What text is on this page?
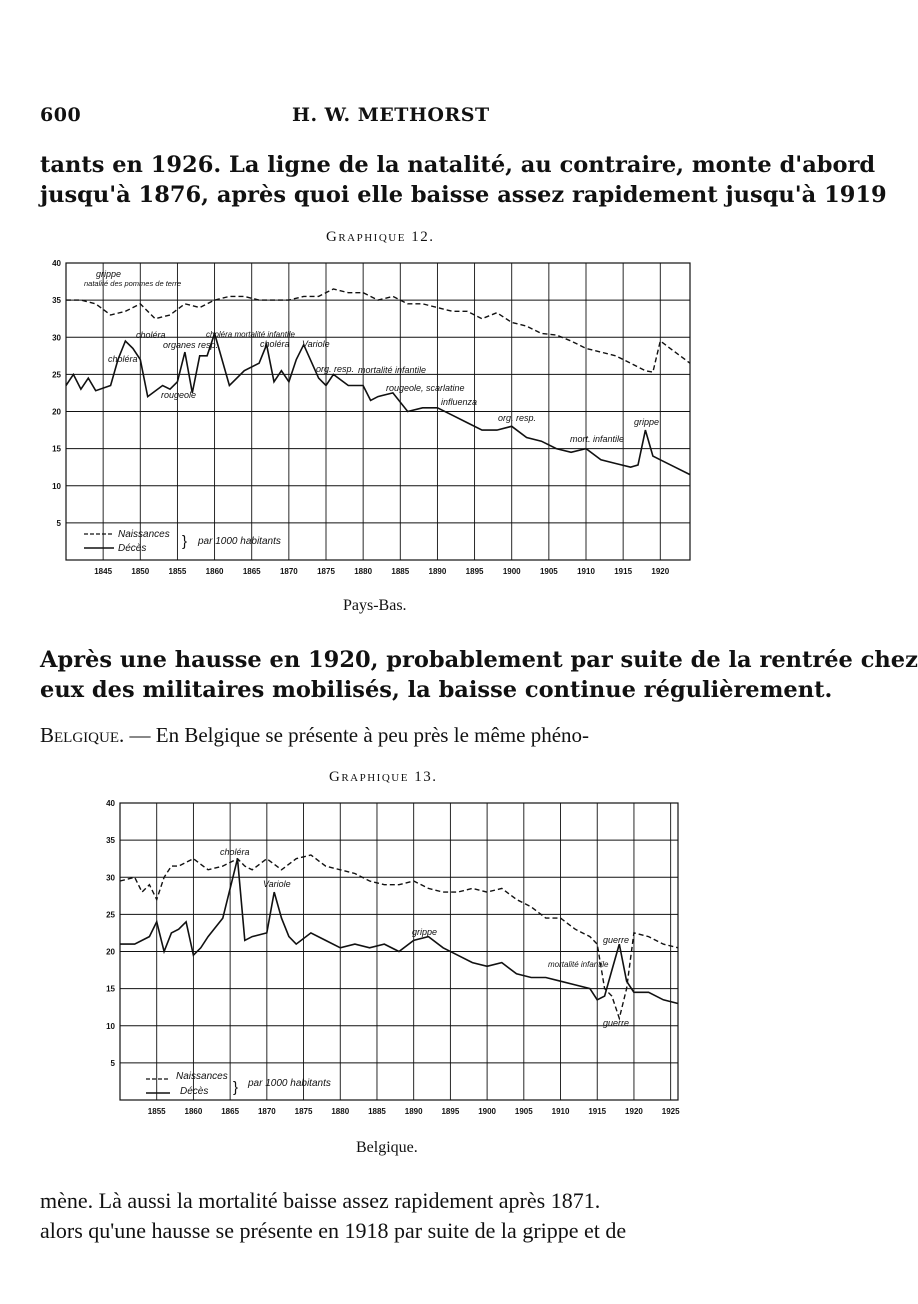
600	H. W. METHORST
tants en 1926. La ligne de la natalité, au contraire, monte d'abord
jusqu'à 1876, après quoi elle baisse assez rapidement jusqu'à 1919
Graphique 12.
40
35
30
25
20
15
10
5
1845 1850 1855 1860 1865 1870 1875 1880 1885 1890 1895 1900 1905 1910 1915 1920
grippe
natalité des pommes de terre
choléra
choléra
organes resp.
rougeole
choléra mortalité infantile
choléra Variole
org. resp. mortalité infantile
rougeole, scarlatine
influenza
org. resp.
mort. infantile
grippe
Naissances
Décès } par 1000 habitants
Pays-Bas.
Après une hausse en 1920, probablement par suite de la rentrée chez
eux des militaires mobilisés, la baisse continue régulièrement.
Belgique. — En Belgique se présente à peu près le même phéno-
Graphique 13.
40
35
30
25
20
15
10
5
1855 1860 1865 1870 1875 1880 1885 1890 1895 1900 1905 1910 1915 1920 1925
choléra
Variole
grippe
guerre
mortalité infantile
guerre
Naissances
Décès } par 1000 habitants
Belgique.
mène. Là aussi la mortalité baisse assez rapidement après 1871.
alors qu'une hausse se présente en 1918 par suite de la grippe et de
